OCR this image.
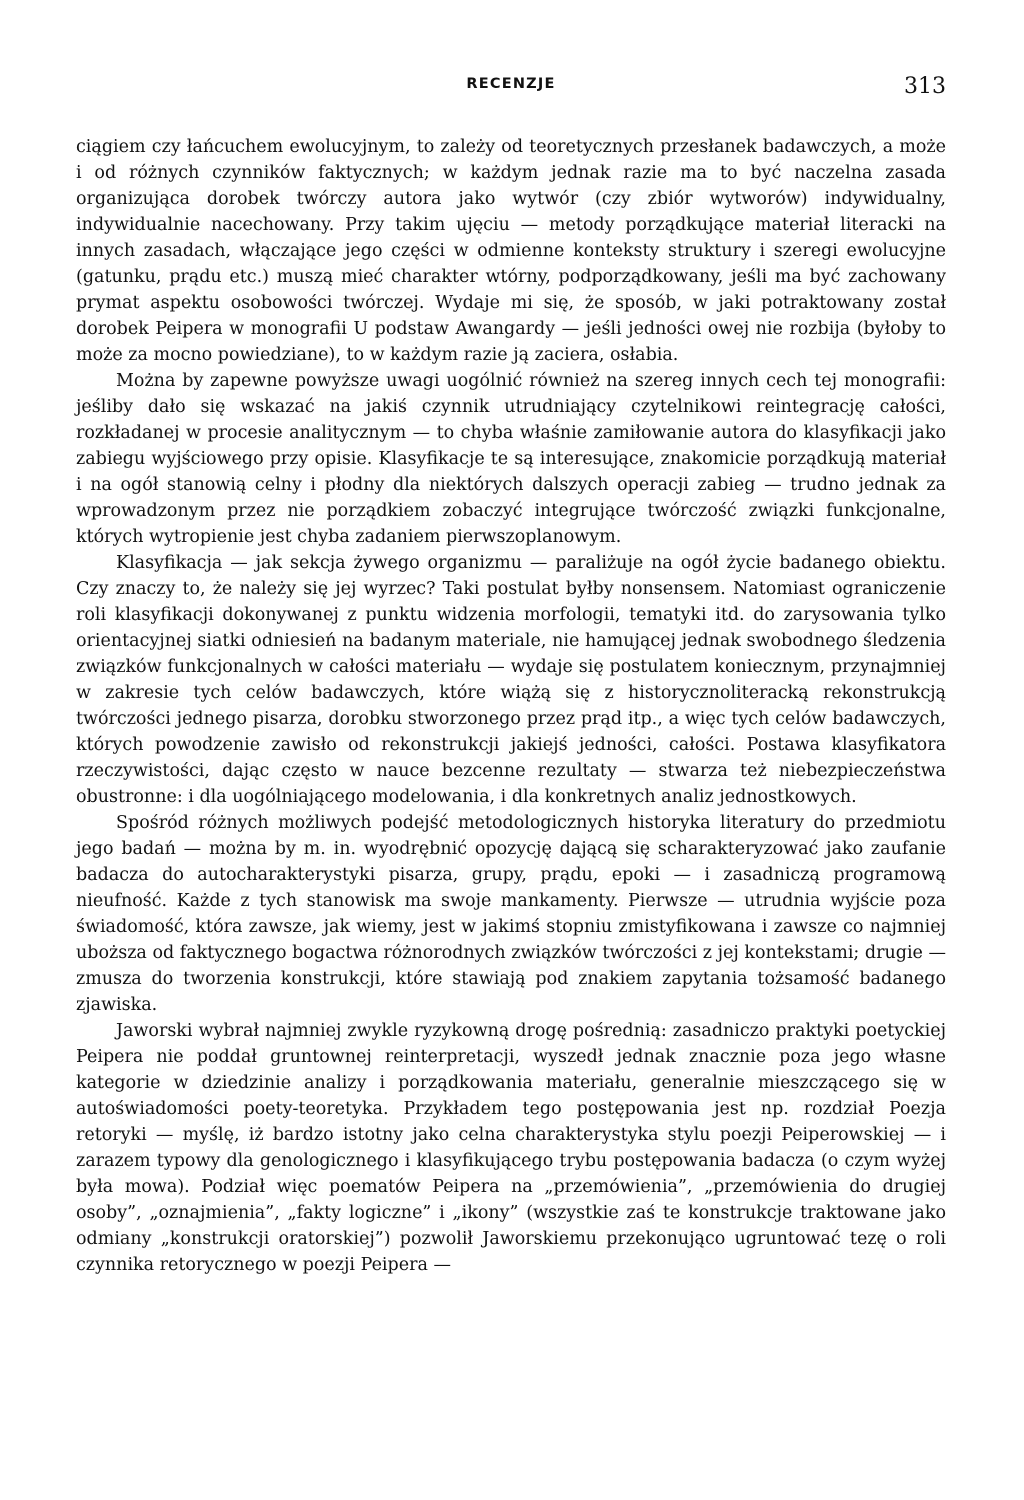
RECENZJE	313

ciągiem czy łańcuchem ewolucyjnym, to zależy od teoretycznych przesłanek badawczych, a może i od różnych czynników faktycznych; w każdym jednak razie ma to być naczelna zasada organizująca dorobek twórczy autora jako wytwór (czy zbiór wytworów) indywidualny, indywidualnie nacechowany. Przy takim ujęciu — metody porządkujące materiał literacki na innych zasadach, włączające jego części w odmienne konteksty struktury i szeregi ewolucyjne (gatunku, prądu etc.) muszą mieć charakter wtórny, podporządkowany, jeśli ma być zachowany prymat aspektu osobowości twórczej. Wydaje mi się, że sposób, w jaki potraktowany został dorobek Peipera w monografii U podstaw Awangardy — jeśli jedności owej nie rozbija (byłoby to może za mocno powiedziane), to w każdym razie ją zaciera, osłabia.

Można by zapewne powyższe uwagi uogólnić również na szereg innych cech tej monografii: jeśliby dało się wskazać na jakiś czynnik utrudniający czytelnikowi reintegrację całości, rozkładanej w procesie analitycznym — to chyba właśnie zamiłowanie autora do klasyfikacji jako zabiegu wyjściowego przy opisie. Klasyfikacje te są interesujące, znakomicie porządkują materiał i na ogół stanowią celny i płodny dla niektórych dalszych operacji zabieg — trudno jednak za wprowadzonym przez nie porządkiem zobaczyć integrujące twórczość związki funkcjonalne, których wytropienie jest chyba zadaniem pierwszoplanowym.

Klasyfikacja — jak sekcja żywego organizmu — paraliżuje na ogół życie badanego obiektu. Czy znaczy to, że należy się jej wyrzec? Taki postulat byłby nonsensem. Natomiast ograniczenie roli klasyfikacji dokonywanej z punktu widzenia morfologii, tematyki itd. do zarysowania tylko orientacyjnej siatki odniesień na badanym materiale, nie hamującej jednak swobodnego śledzenia związków funkcjonalnych w całości materiału — wydaje się postulatem koniecznym, przynajmniej w zakresie tych celów badawczych, które wiążą się z historycznoliteracką rekonstrukcją twórczości jednego pisarza, dorobku stworzonego przez prąd itp., a więc tych celów badawczych, których powodzenie zawisło od rekonstrukcji jakiejś jedności, całości. Postawa klasyfikatora rzeczywistości, dając często w nauce bezcenne rezultaty — stwarza też niebezpieczeństwa obustronne: i dla uogólniającego modelowania, i dla konkretnych analiz jednostkowych.

Spośród różnych możliwych podejść metodologicznych historyka literatury do przedmiotu jego badań — można by m. in. wyodrębnić opozycję dającą się scharakteryzować jako zaufanie badacza do autocharakterystyki pisarza, grupy, prądu, epoki — i zasadniczą programową nieufność. Każde z tych stanowisk ma swoje mankamenty. Pierwsze — utrudnia wyjście poza świadomość, która zawsze, jak wiemy, jest w jakimś stopniu zmistyfikowana i zawsze co najmniej uboższa od faktycznego bogactwa różnorodnych związków twórczości z jej kontekstami; drugie — zmusza do tworzenia konstrukcji, które stawiają pod znakiem zapytania tożsamość badanego zjawiska.

Jaworski wybrał najmniej zwykle ryzykowną drogę pośrednią: zasadniczo praktyki poetyckiej Peipera nie poddał gruntownej reinterpretacji, wyszedł jednak znacznie poza jego własne kategorie w dziedzinie analizy i porządkowania materiału, generalnie mieszczącego się w autoświadomości poety-teoretyka. Przykładem tego postępowania jest np. rozdział Poezja retoryki — myślę, iż bardzo istotny jako celna charakterystyka stylu poezji Peiperowskiej — i zarazem typowy dla genologicznego i klasyfikującego trybu postępowania badacza (o czym wyżej była mowa). Podział więc poematów Peipera na „przemówienia”, „przemówienia do drugiej osoby”, „oznajmienia”, „fakty logiczne” i „ikony” (wszystkie zaś te konstrukcje traktowane jako odmiany „konstrukcji oratorskiej”) pozwolił Jaworskiemu przekonująco ugruntować tezę o roli czynnika retorycznego w poezji Peipera —
